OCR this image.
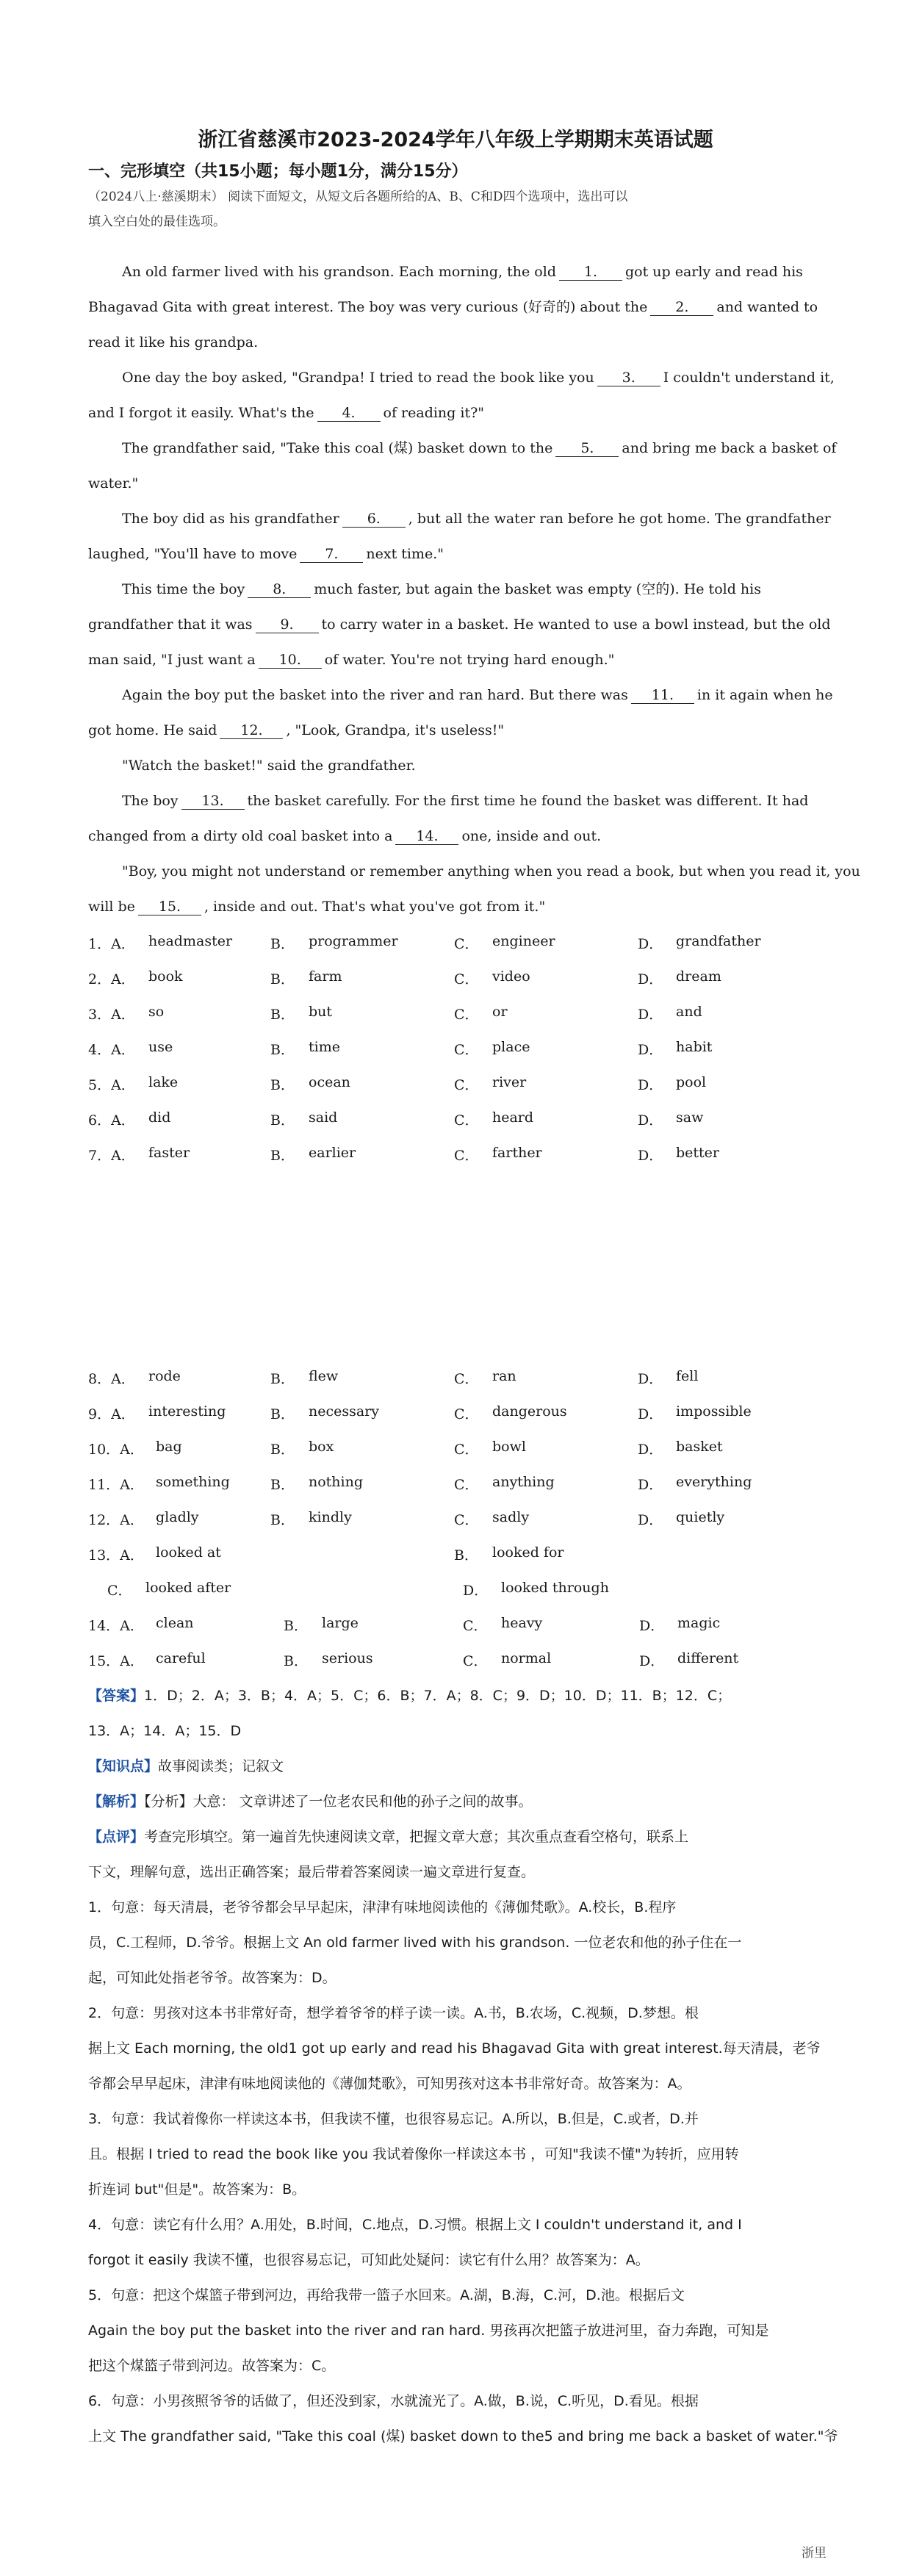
浙江省慈溪市2023-2024学年八年级上学期期末英语试题
一、完形填空（共15小题；每小题1分，满分15分）
（2024八上·慈溪期末） 阅读下面短文，从短文后各题所给的A、B、C和D四个选项中，选出可以
填入空白处的最佳选项。
An old farmer lived with his grandson. Each morning, the old 1. got up early and read his
Bhagavad Gita with great interest. The boy was very curious (好奇的) about the 2. and wanted to
read it like his grandpa.
One day the boy asked, "Grandpa! I tried to read the book like you 3. I couldn't understand it,
and I forgot it easily. What's the 4. of reading it?"
The grandfather said, "Take this coal (煤) basket down to the 5. and bring me back a basket of
water."
The boy did as his grandfather 6. , but all the water ran before he got home. The grandfather
laughed, "You'll have to move 7. next time."
This time the boy 8. much faster, but again the basket was empty (空的). He told his
grandfather that it was 9. to carry water in a basket. He wanted to use a bowl instead, but the old
man said, "I just want a 10. of water. You're not trying hard enough."
Again the boy put the basket into the river and ran hard. But there was 11. in it again when he
got home. He said 12. , "Look, Grandpa, it's useless!"
"Watch the basket!" said the grandfather.
The boy 13. the basket carefully. For the first time he found the basket was different. It had
changed from a dirty old coal basket into a 14. one, inside and out.
"Boy, you might not understand or remember anything when you read a book, but when you read it, you
will be 15. , inside and out. That's what you've got from it."
1．A． headmaster	B． programmer	C． engineer	D． grandfather
2．A． book	B． farm	C． video	D． dream
3．A． so	B． but	C． or	D． and
4．A． use	B． time	C． place	D． habit
5．A． lake	B． ocean	C． river	D． pool
6．A． did	B． said	C． heard	D． saw
7．A． faster	B． earlier	C． farther	D． better
8．A． rode	B． flew	C． ran	D． fell
9．A． interesting	B． necessary	C． dangerous	D． impossible
10．A． bag	B． box	C． bowl	D． basket
11．A． something	B． nothing	C． anything	D． everything
12．A． gladly	B． kindly	C． sadly	D． quietly
13．A． looked at	B． looked for
C． looked after	D． looked through
14．A． clean	B． large	C． heavy	D． magic
15．A． careful	B． serious	C． normal	D． different
【答案】1．D；2．A；3．B；4．A；5．C；6．B；7．A；8．C；9．D；10．D；11．B；12．C；
13．A；14．A；15．D
【知识点】故事阅读类；记叙文
【解析】【分析】大意： 文章讲述了一位老农民和他的孙子之间的故事。
【点评】考查完形填空。第一遍首先快速阅读文章，把握文章大意；其次重点查看空格句，联系上
下文，理解句意，选出正确答案；最后带着答案阅读一遍文章进行复查。
1．句意：每天清晨，老爷爷都会早早起床，津津有味地阅读他的《薄伽梵歌》。A.校长，B.程序
员，C.工程师，D.爷爷。根据上文 An old farmer lived with his grandson. 一位老农和他的孙子住在一
起，可知此处指老爷爷。故答案为：D。
2．句意：男孩对这本书非常好奇，想学着爷爷的样子读一读。A.书，B.农场，C.视频，D.梦想。根
据上文 Each morning, the old1 got up early and read his Bhagavad Gita with great interest.每天清晨，老爷
爷都会早早起床，津津有味地阅读他的《薄伽梵歌》，可知男孩对这本书非常好奇。故答案为：A。
3．句意：我试着像你一样读这本书，但我读不懂，也很容易忘记。A.所以，B.但是，C.或者，D.并
且。根据 I tried to read the book like you 我试着像你一样读这本书 ，可知"我读不懂"为转折，应用转
折连词 but"但是"。故答案为：B。
4．句意：读它有什么用？A.用处，B.时间，C.地点，D.习惯。根据上文 I couldn't understand it, and I
forgot it easily 我读不懂，也很容易忘记，可知此处疑问：读它有什么用？故答案为：A。
5．句意：把这个煤篮子带到河边，再给我带一篮子水回来。A.湖，B.海，C.河，D.池。根据后文
Again the boy put the basket into the river and ran hard. 男孩再次把篮子放进河里，奋力奔跑，可知是
把这个煤篮子带到河边。故答案为：C。
6．句意：小男孩照爷爷的话做了，但还没到家，水就流光了。A.做，B.说，C.听见，D.看见。根据
上文 The grandfather said, "Take this coal (煤) basket down to the5 and bring me back a basket of water."爷
浙里
